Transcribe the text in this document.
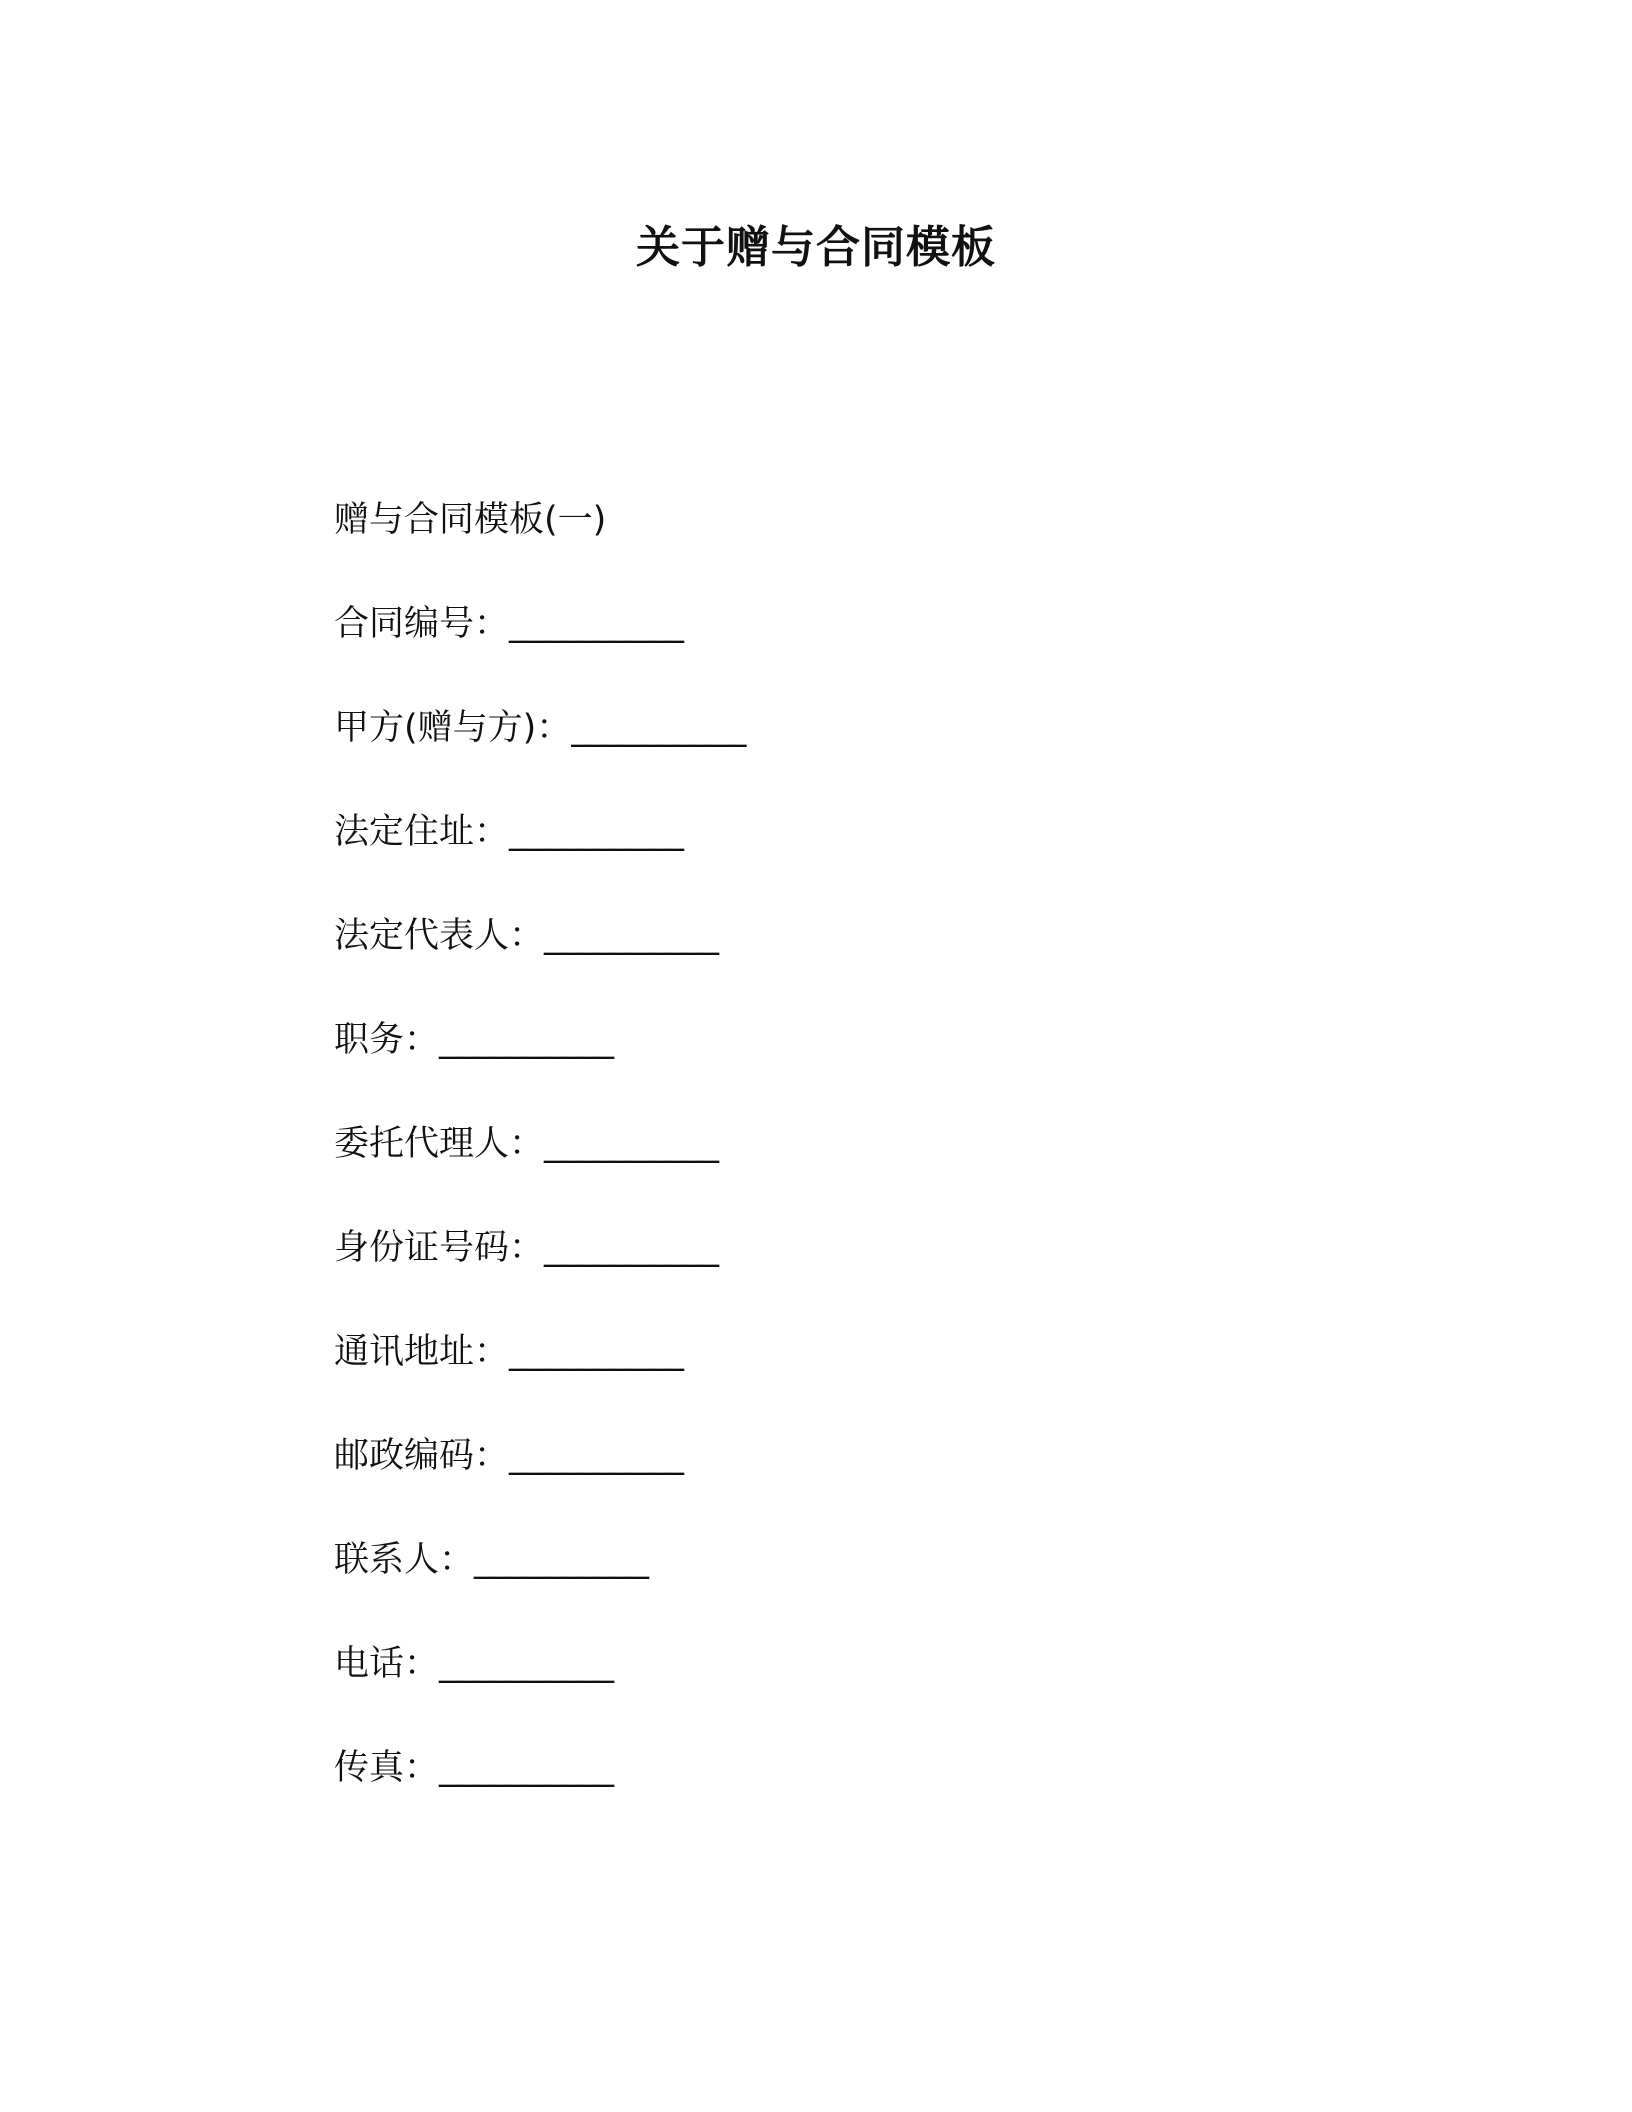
关于赠与合同模板
赠与合同模板(一)
合同编号：__________
甲方(赠与方)：__________
法定住址：__________
法定代表人：__________
职务：__________
委托代理人：__________
身份证号码：__________
通讯地址：__________
邮政编码：__________
联系人：__________
电话：__________
传真：__________
